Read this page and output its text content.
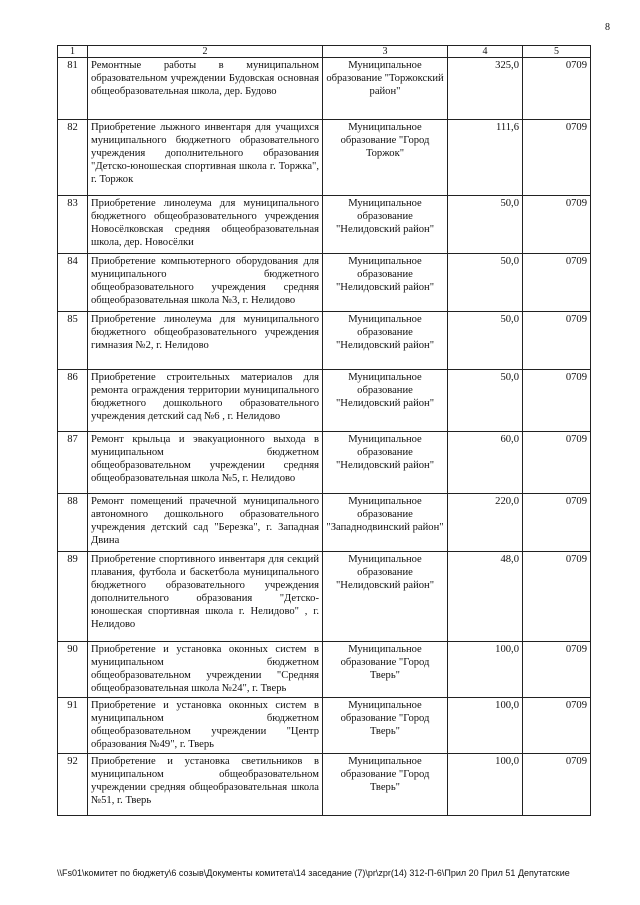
8
1	2	3	4	5
81	Ремонтные работы в муниципальном образовательном учреждении Будовская основная общеобразовательная школа, дер. Будово	Муниципальное образование "Торжокский район"	325,0	0709
82	Приобретение лыжного инвентаря для учащихся муниципального бюджетного образовательного учреждения дополнительного образования "Детско-юношеская спортивная школа г. Торжка", г. Торжок	Муниципальное образование "Город Торжок"	111,6	0709
83	Приобретение линолеума для муниципального бюджетного общеобразовательного учреждения Новосёлковская средняя общеобразовательная школа, дер. Новосёлки	Муниципальное образование "Нелидовский район"	50,0	0709
84	Приобретение компьютерного оборудования для муниципального бюджетного общеобразовательного учреждения средняя общеобразовательная школа №3, г. Нелидово	Муниципальное образование "Нелидовский район"	50,0	0709
85	Приобретение линолеума для муниципального бюджетного общеобразовательного учреждения гимназия №2, г. Нелидово	Муниципальное образование "Нелидовский район"	50,0	0709
86	Приобретение строительных материалов для ремонта ограждения территории муниципального бюджетного дошкольного образовательного учреждения детский сад №6 , г. Нелидово	Муниципальное образование "Нелидовский район"	50,0	0709
87	Ремонт крыльца и эвакуационного выхода в муниципальном бюджетном общеобразовательном учреждении средняя общеобразовательная школа №5, г. Нелидово	Муниципальное образование "Нелидовский район"	60,0	0709
88	Ремонт помещений прачечной муниципального автономного дошкольного образовательного учреждения детский сад "Березка", г. Западная Двина	Муниципальное образование "Западнодвинский район"	220,0	0709
89	Приобретение спортивного инвентаря для секций плавания, футбола и баскетбола муниципального бюджетного образовательного учреждения дополнительного образования "Детско-юношеская спортивная школа г. Нелидово" , г. Нелидово	Муниципальное образование "Нелидовский район"	48,0	0709
90	Приобретение и установка оконных систем в муниципальном бюджетном общеобразовательном учреждении "Средняя общеобразовательная школа №24", г. Тверь	Муниципальное образование "Город Тверь"	100,0	0709
91	Приобретение и установка оконных систем в муниципальном бюджетном общеобразовательном учреждении "Центр образования №49", г. Тверь	Муниципальное образование "Город Тверь"	100,0	0709
92	Приобретение и установка светильников в муниципальном общеобразовательном учреждении средняя общеобразовательная школа №51, г. Тверь	Муниципальное образование "Город Тверь"	100,0	0709
\\Fs01\комитет по бюджету\6 созыв\Документы комитета\14 заседание (7)\pr\zpr(14) 312-П-6\Прил 20 Прил 51 Депутатские
